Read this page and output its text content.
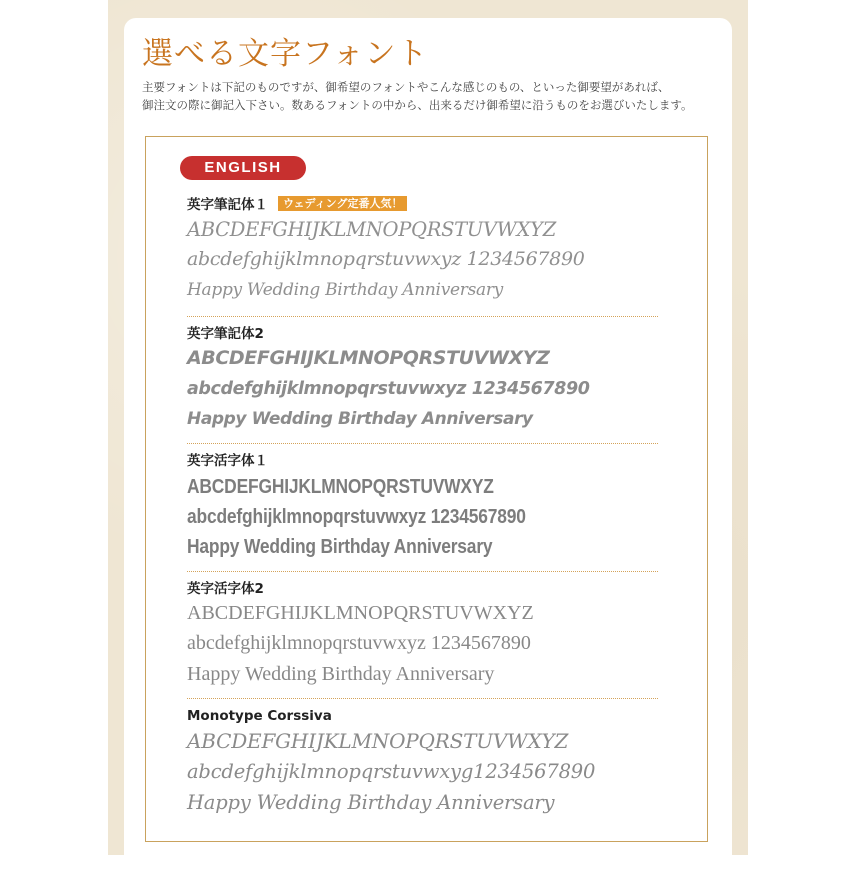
選べる文字フォント
主要フォントは下記のものですが、御希望のフォントやこんな感じのもの、といった御要望があれば、
御注文の際に御記入下さい。数あるフォントの中から、出来るだけ御希望に沿うものをお選びいたします。
ENGLISH
英字筆記体１ ウェディング定番人気！
ABCDEFGHIJKLMNOPQRSTUVWXYZ
abcdefghijklmnopqrstuvwxyz 1234567890
Happy Wedding Birthday Anniversary
英字筆記体2
ABCDEFGHIJKLMNOPQRSTUVWXYZ
abcdefghijklmnopqrstuvwxyz 1234567890
Happy Wedding Birthday Anniversary
英字活字体１
ABCDEFGHIJKLMNOPQRSTUVWXYZ
abcdefghijklmnopqrstuvwxyz 1234567890
Happy Wedding Birthday Anniversary
英字活字体2
ABCDEFGHIJKLMNOPQRSTUVWXYZ
abcdefghijklmnopqrstuvwxyz 1234567890
Happy Wedding Birthday Anniversary
Monotype Corssiva
ABCDEFGHIJKLMNOPQRSTUVWXYZ
abcdefghijklmnopqrstuvwxyg1234567890
Happy Wedding Birthday Anniversary
